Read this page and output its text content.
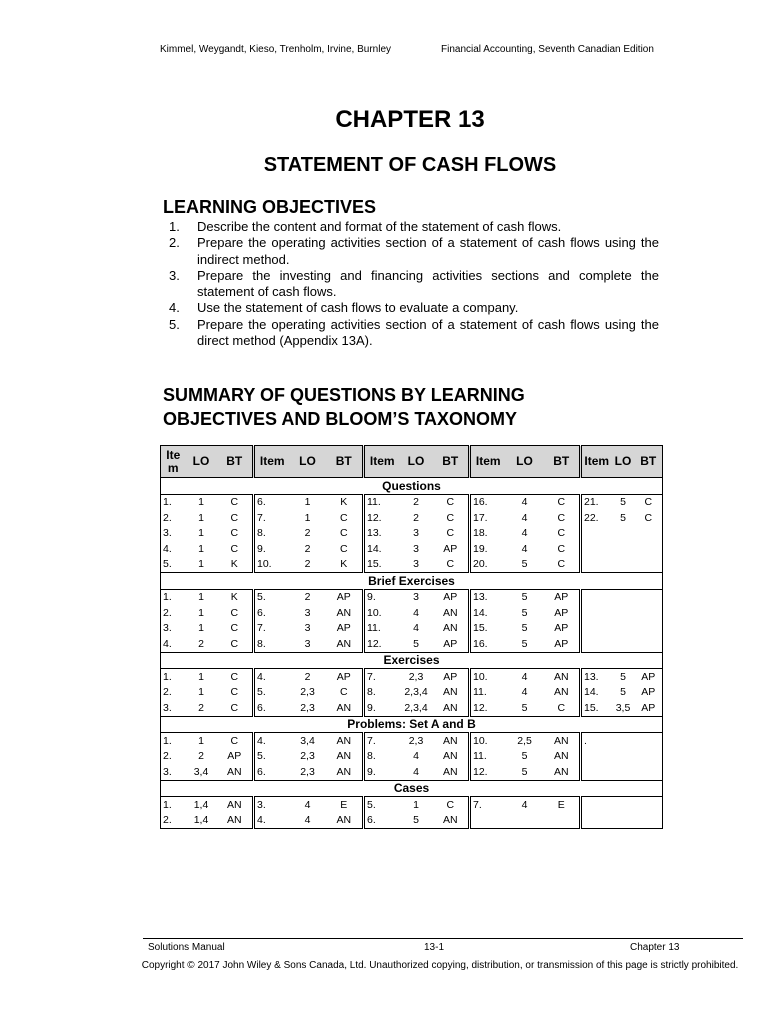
Kimmel, Weygandt, Kieso, Trenholm, Irvine, Burnley	Financial Accounting, Seventh Canadian Edition
CHAPTER 13
STATEMENT OF CASH FLOWS
LEARNING OBJECTIVES
1.	Describe the content and format of the statement of cash flows.
2.	Prepare the operating activities section of a statement of cash flows using the indirect method.
3.	Prepare the investing and financing activities sections and complete the statement of cash flows.
4.	Use the statement of cash flows to evaluate a company.
5.	Prepare the operating activities section of a statement of cash flows using the direct method (Appendix 13A).
SUMMARY OF QUESTIONS BY LEARNING
OBJECTIVES AND BLOOM’S TAXONOMY
Ite m	LO	BT	Item	LO	BT	Item	LO	BT	Item	LO	BT	Item	LO	BT
Questions														
1.	1	C	6.	1	K	11.	2	C	16.	4	C	21.	5	C
2.	1	C	7.	1	C	12.	2	C	17.	4	C	22.	5	C
3.	1	C	8.	2	C	13.	3	C	18.	4	C			
4.	1	C	9.	2	C	14.	3	AP	19.	4	C			
5.	1	K	10.	2	K	15.	3	C	20.	5	C			
Brief Exercises														
1.	1	K	5.	2	AP	9.	3	AP	13.	5	AP			
2.	1	C	6.	3	AN	10.	4	AN	14.	5	AP			
3.	1	C	7.	3	AP	11.	4	AN	15.	5	AP			
4.	2	C	8.	3	AN	12.	5	AP	16.	5	AP			
Exercises														
1.	1	C	4.	2	AP	7.	2,3	AP	10.	4	AN	13.	5	AP
2.	1	C	5.	2,3	C	8.	2,3,4	AN	11.	4	AN	14.	5	AP
3.	2	C	6.	2,3	AN	9.	2,3,4	AN	12.	5	C	15.	3,5	AP
Problems: Set A and B														
1.	1	C	4.	3,4	AN	7.	2,3	AN	10.	2,5	AN	.		
2.	2	AP	5.	2,3	AN	8.	4	AN	11.	5	AN			
3.	3,4	AN	6.	2,3	AN	9.	4	AN	12.	5	AN			
Cases														
1.	1,4	AN	3.	4	E	5.	1	C	7.	4	E			
2.	1,4	AN	4.	4	AN	6.	5	AN						
Solutions Manual	13-1	Chapter 13
Copyright © 2017 John Wiley & Sons Canada, Ltd. Unauthorized copying, distribution, or transmission of this page is strictly prohibited.
